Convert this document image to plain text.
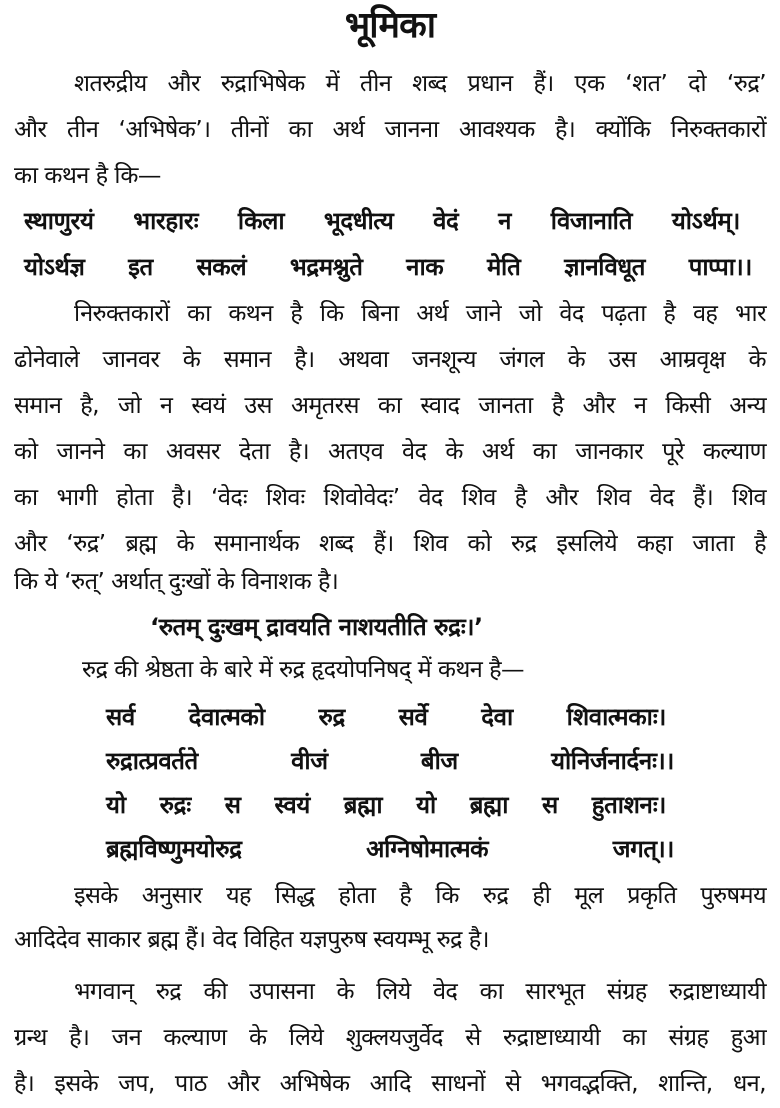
भूमिका
शतरुद्रीय और रुद्राभिषेक में तीन शब्द प्रधान हैं। एक ‘शत’ दो ‘रुद्र’
और तीन ‘अभिषेक’। तीनों का अर्थ जानना आवश्यक है। क्योंकि निरुक्तकारों
का कथन है कि—
स्थाणुरयं भारहारः किला भूदधीत्य वेदं न विजानाति योऽर्थम्।
योऽर्थज्ञ इत सकलं भद्रमश्नुते नाक मेति ज्ञानविधूत पाप्पा।।
निरुक्तकारों का कथन है कि बिना अर्थ जाने जो वेद पढ़ता है वह भार
ढोनेवाले जानवर के समान है। अथवा जनशून्य जंगल के उस आम्रवृक्ष के
समान है, जो न स्वयं उस अमृतरस का स्वाद जानता है और न किसी अन्य
को जानने का अवसर देता है। अतएव वेद के अर्थ का जानकार पूरे कल्याण
का भागी होता है। ‘वेदः शिवः शिवोवेदः’ वेद शिव है और शिव वेद हैं। शिव
और ‘रुद्र’ ब्रह्म के समानार्थक शब्द हैं। शिव को रुद्र इसलिये कहा जाता है
कि ये ‘रुत्’ अर्थात् दुःखों के विनाशक है।
‘रुतम् दुःखम् द्रावयति नाशयतीति रुद्रः।’
रुद्र की श्रेष्ठता के बारे में रुद्र हृदयोपनिषद् में कथन है—
सर्व देवात्मको रुद्र सर्वे देवा शिवात्मकाः।
रुद्रात्प्रवर्तते वीजं बीज योनिर्जनार्दनः।।
यो रुद्रः स स्वयं ब्रह्मा यो ब्रह्मा स हुताशनः।
ब्रह्मविष्णुमयोरुद्र अग्निषोमात्मकं जगत्।।
इसके अनुसार यह सिद्ध होता है कि रुद्र ही मूल प्रकृति पुरुषमय
आदिदेव साकार ब्रह्म हैं। वेद विहित यज्ञपुरुष स्वयम्भू रुद्र है।
भगवान् रुद्र की उपासना के लिये वेद का सारभूत संग्रह रुद्राष्टाध्यायी
ग्रन्थ है। जन कल्याण के लिये शुक्लयजुर्वेद से रुद्राष्टाध्यायी का संग्रह हुआ
है। इसके जप, पाठ और अभिषेक आदि साधनों से भगवद्भक्ति, शान्ति, धन,
